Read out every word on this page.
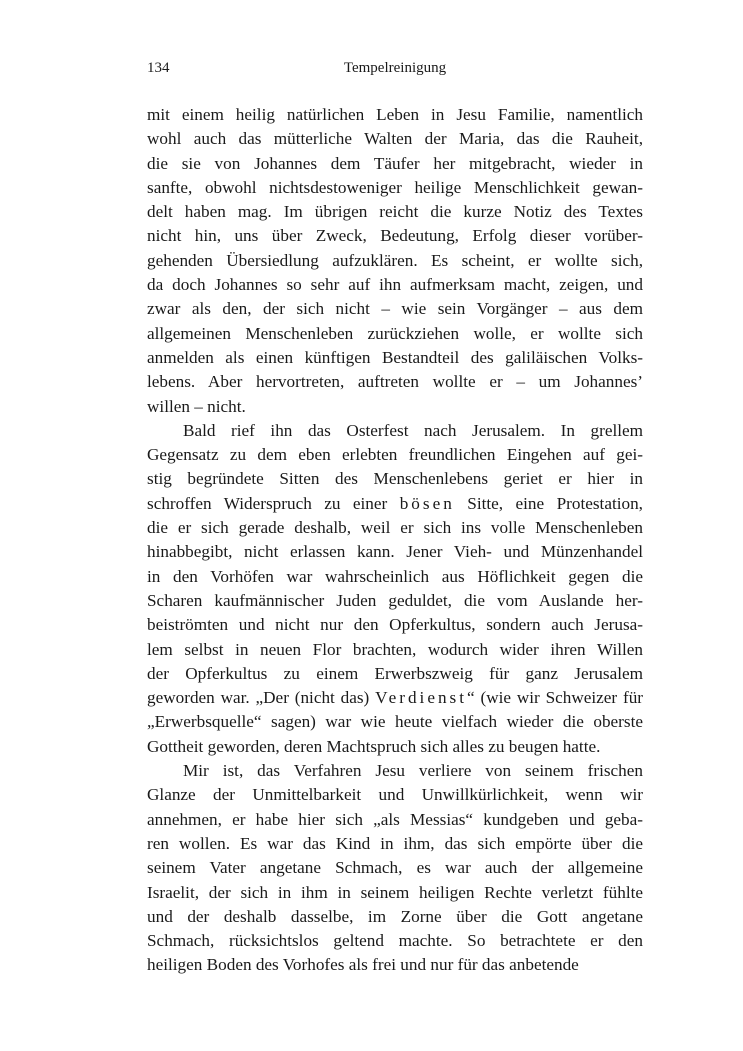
134	Tempelreinigung
mit einem heilig natürlichen Leben in Jesu Familie, namentlich
wohl auch das mütterliche Walten der Maria, das die Rauheit,
die sie von Johannes dem Täufer her mitgebracht, wieder in
sanfte, obwohl nichtsdestoweniger heilige Menschlichkeit gewan-
delt haben mag. Im übrigen reicht die kurze Notiz des Textes
nicht hin, uns über Zweck, Bedeutung, Erfolg dieser vorüber-
gehenden Übersiedlung aufzuklären. Es scheint, er wollte sich,
da doch Johannes so sehr auf ihn aufmerksam macht, zeigen, und
zwar als den, der sich nicht – wie sein Vorgänger – aus dem
allgemeinen Menschenleben zurückziehen wolle, er wollte sich
anmelden als einen künftigen Bestandteil des galiläischen Volks-
lebens. Aber hervortreten, auftreten wollte er – um Johannes’
willen – nicht.
Bald rief ihn das Osterfest nach Jerusalem. In grellem
Gegensatz zu dem eben erlebten freundlichen Eingehen auf gei-
stig begründete Sitten des Menschenlebens geriet er hier in
schroffen Widerspruch zu einer bösen Sitte, eine Protestation,
die er sich gerade deshalb, weil er sich ins volle Menschenleben
hinabbegibt, nicht erlassen kann. Jener Vieh- und Münzenhandel
in den Vorhöfen war wahrscheinlich aus Höflichkeit gegen die
Scharen kaufmännischer Juden geduldet, die vom Auslande her-
beiströmten und nicht nur den Opferkultus, sondern auch Jerusa-
lem selbst in neuen Flor brachten, wodurch wider ihren Willen
der Opferkultus zu einem Erwerbszweig für ganz Jerusalem
geworden war. „Der (nicht das) Verdienst“ (wie wir Schweizer für
„Erwerbsquelle“ sagen) war wie heute vielfach wieder die oberste
Gottheit geworden, deren Machtspruch sich alles zu beugen hatte.
Mir ist, das Verfahren Jesu verliere von seinem frischen
Glanze der Unmittelbarkeit und Unwillkürlichkeit, wenn wir
annehmen, er habe hier sich „als Messias“ kundgeben und geba-
ren wollen. Es war das Kind in ihm, das sich empörte über die
seinem Vater angetane Schmach, es war auch der allgemeine
Israelit, der sich in ihm in seinem heiligen Rechte verletzt fühlte
und der deshalb dasselbe, im Zorne über die Gott angetane
Schmach, rücksichtslos geltend machte. So betrachtete er den
heiligen Boden des Vorhofes als frei und nur für das anbetende
